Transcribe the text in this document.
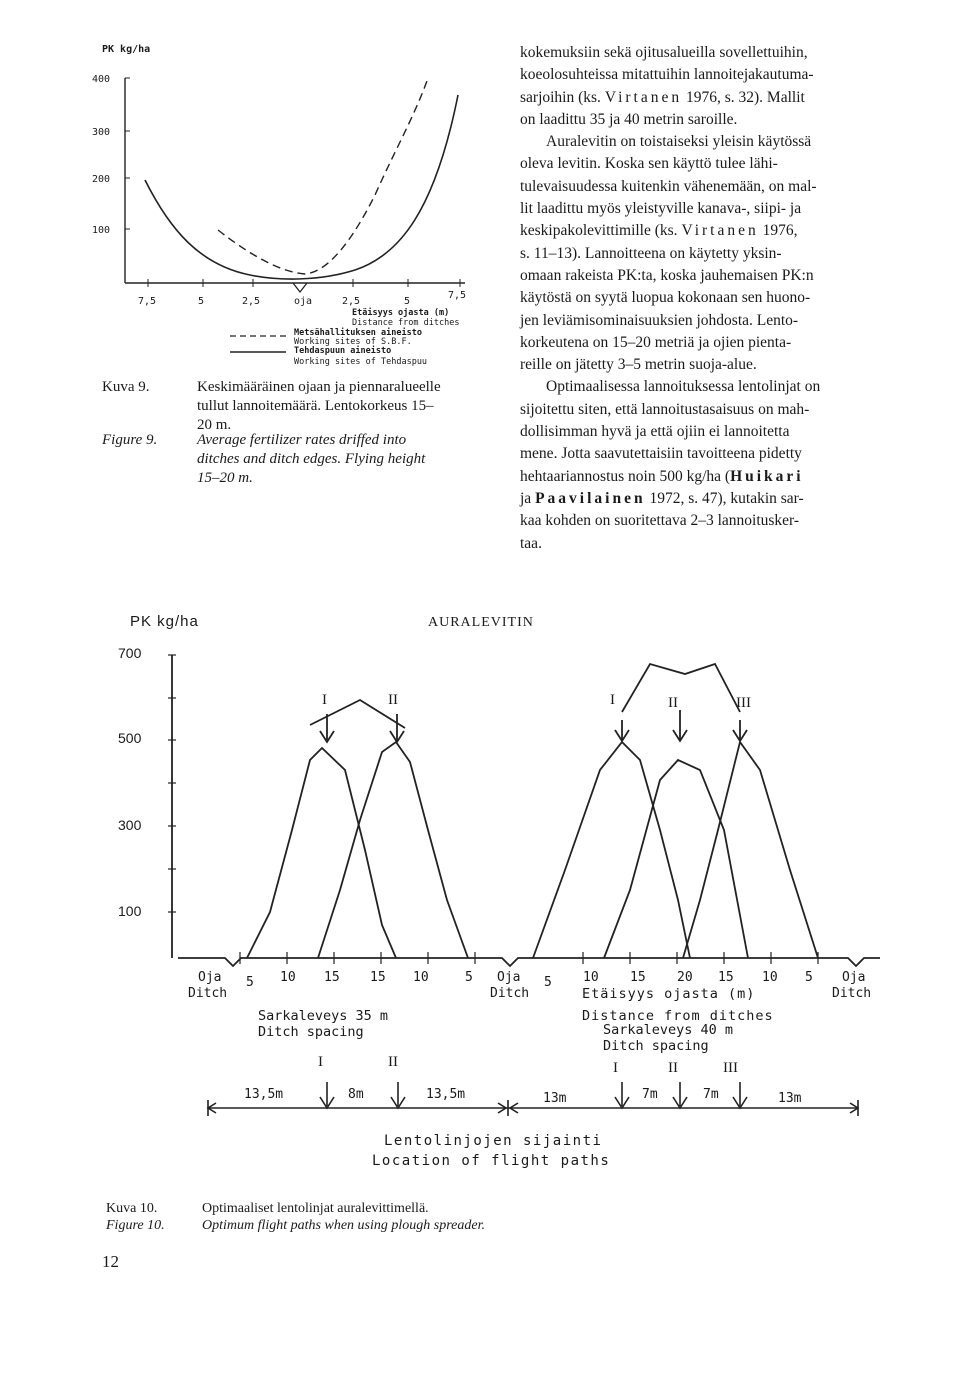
PK kg/ha
400
300
200
100
7,5	5	2,5	oja	2,5	5
7,5
Etäisyys ojasta (m)
Distance from ditches
Metsähallituksen aineisto
Working sites of S.B.F.
Tehdaspuun aineisto
Working sites of Tehdaspuu
Kuva 9.	Keskimääräinen ojaan ja piennaralueelle
tullut lannoitemäärä. Lentokorkeus 15–
20 m.
Figure 9.	Average fertilizer rates driffed into
ditches and ditch edges. Flying height
15–20 m.

kokemuksiin sekä ojitusalueilla sovellettuihin,
koeolosuhteissa mitattuihin lannoitejakautuma-
sarjoihin (ks. Virtanen 1976, s. 32). Mallit
on laadittu 35 ja 40 metrin saroille.

Auralevitin on toistaiseksi yleisin käytössä
oleva levitin. Koska sen käyttö tulee lähi-
tulevaisuudessa kuitenkin vähenemään, on mal-
lit laadittu myös yleistyville kanava-, siipi- ja
keskipakolevittimille (ks. Virtanen 1976,
s. 11–13). Lannoitteena on käytetty yksin-
omaan rakeista PK:ta, koska jauhemaisen PK:n
käytöstä on syytä luopua kokonaan sen huono-
jen leviämisominaisuuksien johdosta. Lento-
korkeutena on 15–20 metriä ja ojien pienta-
reille on jätetty 3–5 metrin suoja-alue.

Optimaalisessa lannoituksessa lentolinjat on
sijoitettu siten, että lannoitustasaisuus on mah-
dollisimman hyvä ja että ojiin ei lannoitetta
mene. Jotta saavutettaisiin tavoitteena pidetty
hehtaariannostus noin 500 kg/ha (Huikari
ja Paavilainen 1972, s. 47), kutakin sar-
kaa kohden on suoritettava 2–3 lannoitusker-
taa.

PK kg/ha	AURALEVITIN
700
500
300
100
I	II	I	II	III
Oja
Ditch
5 10 15 15 10	5 Oja
Ditch
5 10 15 20 15 10 5 Oja
Ditch
Etäisyys ojasta (m)
Distance from ditches
Sarkaleveys 40 m
Ditch spacing
Sarkaleveys 35 m
Ditch spacing
I	II	I	II	III
13,5m	8m	13,5m	13m	7m	7m	13m
Lentolinjojen sijainti
Location of flight paths
Kuva 10.	Optimaaliset lentolinjat auralevittimellä.
Figure 10.	Optimum flight paths when using plough spreader.
12
